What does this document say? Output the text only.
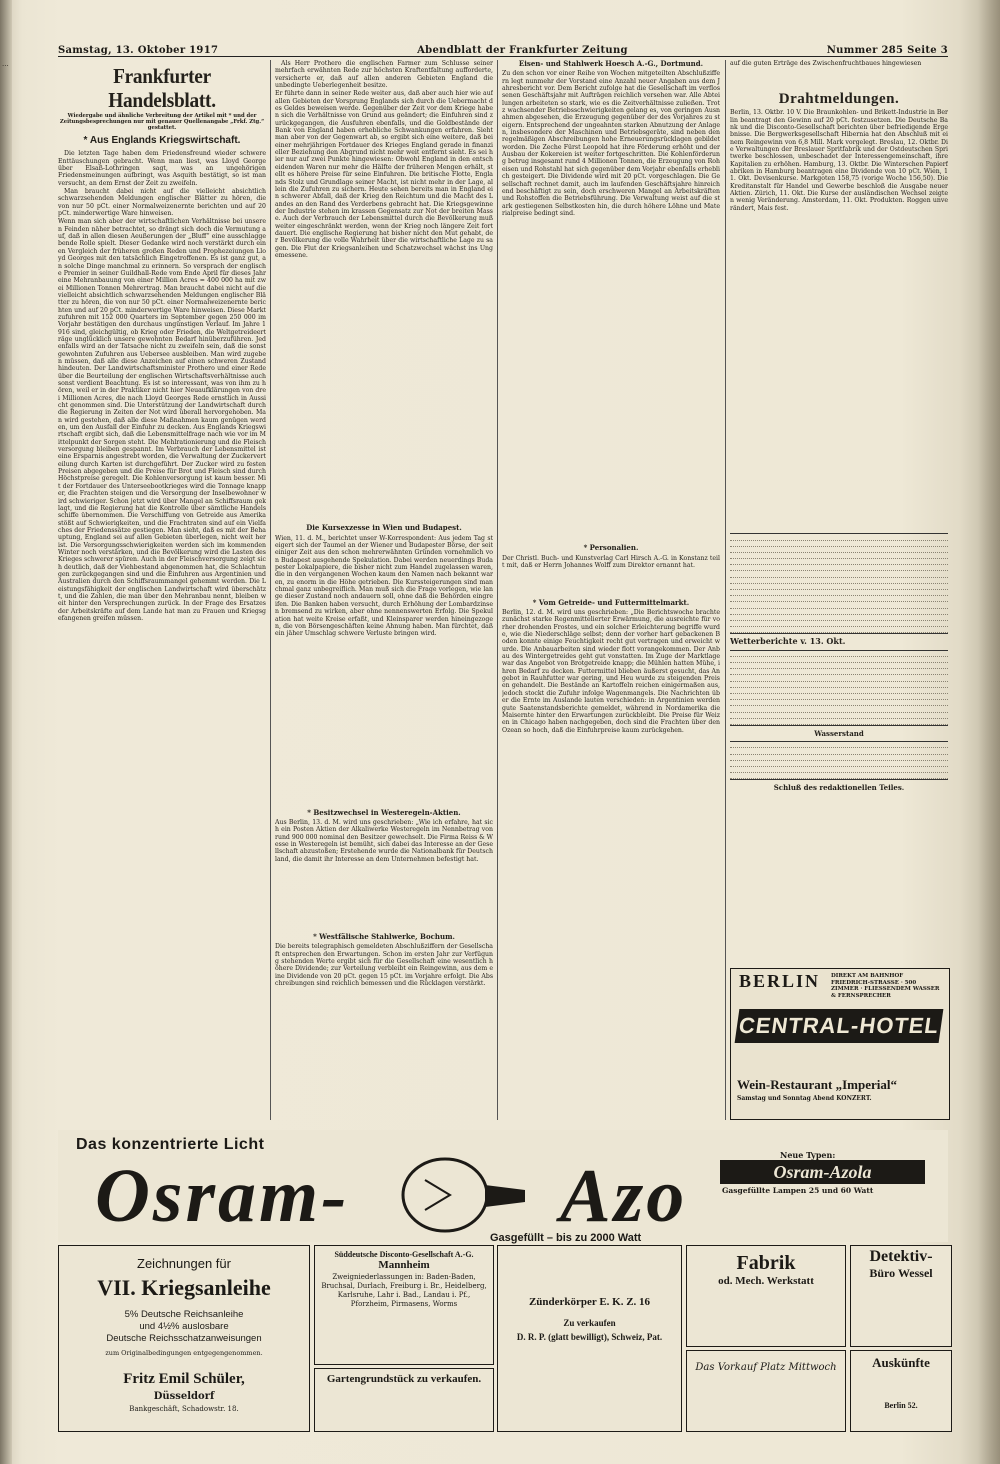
...
Samstag, 13. Oktober 1917	Abendblatt der Frankfurter Zeitung	Nummer 285 Seite 3
Frankfurter Handelsblatt.
Wiedergabe und ähnliche Verbreitung der Artikel mit * und der Zeitungsbesprechungen nur mit genauer Quellenangabe „Frkf. Ztg.“ gestattet.
* Aus Englands Kriegswirtschaft.

Die letzten Tage haben dem Friedensfreund wieder schwere Enttäuschungen gebracht. Wenn man liest, was Lloyd George über Elsaß-Lothringen sagt, was an ungehörigen Friedensmeinungen aufbringt, was Asquith bestätigt, so ist man versucht, an dem Ernst der Zeit zu zweifeln.

Man braucht dabei nicht auf die vielleicht absichtlich schwarzsehenden Meldungen englischer Blätter zu hören, die von nur 50 pCt. einer Normalweizenernte berichten und auf 20 pCt. minderwertige Ware hinweisen.

Wenn man sich aber der wirtschaftlichen Verhältnisse bei unseren Feinden näher betrachtet, so drängt sich doch die Vermutung auf, daß in allen diesen Aeußerungen der „Bluff“ eine ausschlaggebende Rolle spielt. Dieser Gedanke wird noch verstärkt durch einen Vergleich der früheren großen Reden und Prophezeiungen Lloyd Georges mit den tatsächlich Eingetroffenen. Es ist ganz gut, an solche Dinge manchmal zu erinnern. So versprach der englische Premier in seiner Guildhall-Rede vom Ende April für dieses Jahr eine Mehranbauung von einer Million Acres = 400 000 ha mit zwei Millionen Tonnen Mehrertrag. Man braucht dabei nicht auf die vielleicht absichtlich schwarzsehenden Meldungen englischer Blätter zu hören, die von nur 50 pCt. einer Normalweizenernte berichten und auf 20 pCt. minderwertige Ware hinweisen. Diese Marktzufuhren mit 152 000 Quarters im September gegen 250 000 im Vorjahr bestätigen den durchaus ungünstigen Verlauf. Im Jahre 1916 sind, gleichgültig, ob Krieg oder Frieden, die Weltgetreideerträge unglücklich unsere gewohnten Bedarf hinüberzuführen. Jedenfalls wird an der Tatsache nicht zu zweifeln sein, daß die sonst gewohnten Zufuhren aus Uebersee ausbleiben. Man wird zugeben müssen, daß alle diese Anzeichen auf einen schweren Zustand hindeuten. Der Landwirtschaftsminister Prothero und einer Rede über die Beurteilung der englischen Wirtschaftsverhältnisse auch sonst verdient Beachtung. Es ist so interessant, was von ihm zu hören, weil er in der Praktiker nicht hier Neuaufklärungen von drei Millionen Acres, die nach Lloyd Georges Rede ernstlich in Aussicht genommen sind. Die Unterstützung der Landwirtschaft durch die Regierung in Zeiten der Not wird überall hervorgehoben. Man wird gestehen, daß alle diese Maßnahmen kaum genügen werden, um den Ausfall der Einfuhr zu decken. Aus Englands Kriegswirtschaft ergibt sich, daß die Lebensmittelfrage nach wie vor im Mittelpunkt der Sorgen steht. Die Mehlrationierung und die Fleischversorgung bleiben gespannt. Im Verbrauch der Lebensmittel ist eine Ersparnis angestrebt worden, die Verwaltung der Zuckerverteilung durch Karten ist durchgeführt. Der Zucker wird zu festen Preisen abgegeben und die Preise für Brot und Fleisch sind durch Höchstpreise geregelt. Die Kohlenversorgung ist kaum besser. Mit der Fortdauer des Unterseebootkrieges wird die Tonnage knapper, die Frachten steigen und die Versorgung der Inselbewohner wird schwieriger. Schon jetzt wird über Mangel an Schiffsraum geklagt, und die Regierung hat die Kontrolle über sämtliche Handelsschiffe übernommen. Die Verschiffung von Getreide aus Amerika stößt auf Schwierigkeiten, und die Frachtraten sind auf ein Vielfaches der Friedenssätze gestiegen. Man sieht, daß es mit der Behauptung, England sei auf allen Gebieten überlegen, nicht weit her ist. Die Versorgungsschwierigkeiten werden sich im kommenden Winter noch verstärken, und die Bevölkerung wird die Lasten des Krieges schwerer spüren. Auch in der Fleischversorgung zeigt sich deutlich, daß der Viehbestand abgenommen hat, die Schlachtungen zurückgegangen sind und die Einfuhren aus Argentinien und Australien durch den Schiffsraummangel gehemmt werden. Die Leistungsfähigkeit der englischen Landwirtschaft wird überschätzt, und die Zahlen, die man über den Mehranbau nennt, bleiben weit hinter den Versprechungen zurück. In der Frage des Ersatzes der Arbeitskräfte auf dem Lande hat man zu Frauen und Kriegsgefangenen greifen müssen.

Als Herr Prothero die englischen Farmer zum Schlusse seiner mehrfach erwähnten Rede zur höchsten Kraftentfaltung aufforderte, versicherte er, daß auf allen anderen Gebieten England die unbedingte Ueberlegenheit besitze.

Er führte dann in seiner Rede weiter aus, daß aber auch hier wie auf allen Gebieten der Vorsprung Englands sich durch die Uebermacht des Geldes beweisen werde. Gegenüber der Zeit vor dem Kriege haben sich die Verhältnisse von Grund aus geändert; die Einfuhren sind zurückgegangen, die Ausfuhren ebenfalls, und die Goldbestände der Bank von England haben erhebliche Schwankungen erfahren. Sieht man aber von der Gegenwart ab, so ergibt sich eine weitere, daß bei einer mehrjährigen Fortdauer des Krieges England gerade in finanzieller Beziehung den Abgrund nicht mehr weit entfernt sieht. Es sei hier nur auf zwei Punkte hingewiesen: Obwohl England in den entscheidenden Waren nur mehr die Hälfte der früheren Mengen erhält, stellt es höhere Preise für seine Einfuhren. Die britische Flotte, Englands Stolz und Grundlage seiner Macht, ist nicht mehr in der Lage, allein die Zufuhren zu sichern. Heute sehen bereits man in England ein schwerer Abfall, daß der Krieg den Reichtum und die Macht des Landes an den Rand des Verderbens gebracht hat. Die Kriegsgewinne der Industrie stehen im krassen Gegensatz zur Not der breiten Masse. Auch der Verbrauch der Lebensmittel durch die Bevölkerung muß weiter eingeschränkt werden, wenn der Krieg noch längere Zeit fortdauert. Die englische Regierung hat bisher nicht den Mut gehabt, der Bevölkerung die volle Wahrheit über die wirtschaftliche Lage zu sagen. Die Flut der Kriegsanleihen und Schatzwechsel wächst ins Ungemessene.
Die Kursexzesse in Wien und Budapest.
Wien, 11. d. M., berichtet unser W-Korrespondent: Aus jedem Tag steigert sich der Taumel an der Wiener und Budapester Börse, der seit einiger Zeit aus den schon mehrerwähnten Gründen vornehmlich von Budapest ausgehende Spekulation. Dabei werden neuerdings Budapester Lokalpapiere, die bisher nicht zum Handel zugelassen waren, die in den vergangenen Wochen kaum den Namen nach bekannt waren, zu enorm in die Höhe getrieben. Die Kurssteigerungen sind manchmal ganz unbegreiflich. Man muß sich die Frage vorlegen, wie lange dieser Zustand noch andauern soll, ohne daß die Behörden eingreifen. Die Banken haben versucht, durch Erhöhung der Lombardzinsen bremsend zu wirken, aber ohne nennenswerten Erfolg. Die Spekulation hat weite Kreise erfaßt, und Kleinsparer werden hineingezogen, die von Börsengeschäften keine Ahnung haben. Man fürchtet, daß ein jäher Umschlag schwere Verluste bringen wird.
* Besitzwechsel in Westeregeln-Aktien.
Aus Berlin, 13. d. M. wird uns geschrieben: „Wie ich erfahre, hat sich ein Posten Aktien der Alkaliwerke Westeregeln im Nennbetrag von rund 900 000 nominal den Besitzer gewechselt. Die Firma Reiss & Wesse in Westeregeln ist bemüht, sich dabei das Interesse an der Gesellschaft abzustoßen; Erstehende wurde die Nationalbank für Deutschland, die damit ihr Interesse an dem Unternehmen befestigt hat.
* Westfälische Stahlwerke, Bochum.
Die bereits telegraphisch gemeldeten Abschlußziffern der Gesellschaft entsprechen den Erwartungen. Schon im ersten Jahr zur Verfügung stehenden Werte ergibt sich für die Gesellschaft eine wesentlich höhere Dividende; zur Verteilung verbleibt ein Reingewinn, aus dem eine Dividende von 20 pCt. gegen 15 pCt. im Vorjahre erfolgt. Die Abschreibungen sind reichlich bemessen und die Rücklagen verstärkt.
Eisen- und Stahlwerk Hoesch A.-G., Dortmund.
Zu den schon vor einer Reihe von Wochen mitgeteilten Abschlußziffern legt nunmehr der Vorstand eine Anzahl neuer Angaben aus dem Jahresbericht vor. Dem Bericht zufolge hat die Gesellschaft im verflossenen Geschäftsjahr mit Aufträgen reichlich versehen war. Alle Abteilungen arbeiteten so stark, wie es die Zeitverhältnisse zuließen. Trotz wachsender Betriebsschwierigkeiten gelang es, von geringen Ausnahmen abgesehen, die Erzeugung gegenüber der des Vorjahres zu steigern. Entsprechend der ungeahnten starken Abnutzung der Anlagen, insbesondere der Maschinen und Betriebsgeräte, sind neben den regelmäßigen Abschreibungen hohe Erneuerungsrücklagen gebildet worden. Die Zeche Fürst Leopold hat ihre Förderung erhöht und der Ausbau der Kokereien ist weiter fortgeschritten. Die Kohlenförderung betrug insgesamt rund 4 Millionen Tonnen, die Erzeugung von Roheisen und Rohstahl hat sich gegenüber dem Vorjahr ebenfalls erheblich gesteigert. Die Dividende wird mit 20 pCt. vorgeschlagen. Die Gesellschaft rechnet damit, auch im laufenden Geschäftsjahre hinreichend beschäftigt zu sein, doch erschweren Mangel an Arbeitskräften und Rohstoffen die Betriebsführung. Die Verwaltung weist auf die stark gestiegenen Selbstkosten hin, die durch höhere Löhne und Materialpreise bedingt sind.
* Personalien.
Der Christl. Buch- und Kunstverlag Carl Hirsch A.-G. in Konstanz teilt mit, daß er Herrn Johannes Wolff zum Direktor ernannt hat.
* Vom Getreide- und Futtermittelmarkt.
Berlin, 12. d. M. wird uns geschrieben: „Die Berichtswoche brachte zunächst starke Regenmittelierter Erwärmung, die ausreichte für vorher drohenden Frostes, und ein solcher Erleichterung begriffe wurde, wie die Niederschläge selbst; denn der vorher hart gebackenen Boden konnte einige Feuchtigkeit recht gut vertragen und erweicht wurde. Die Anbauarbeiten sind wieder flott vorangekommen. Der Anbau des Wintergetreides geht gut vonstatten. Im Zuge der Marktlage war das Angebot von Brotgetreide knapp; die Mühlen hatten Mühe, ihren Bedarf zu decken. Futtermittel blieben äußerst gesucht, das Angebot in Rauhfutter war gering, und Heu wurde zu steigenden Preisen gehandelt. Die Bestände an Kartoffeln reichen einigermaßen aus, jedoch stockt die Zufuhr infolge Wagenmangels. Die Nachrichten über die Ernte im Auslande lauten verschieden: in Argentinien werden gute Saatenstandsberichte gemeldet, während in Nordamerika die Maisernte hinter den Erwartungen zurückbleibt. Die Preise für Weizen in Chicago haben nachgegeben, doch sind die Frachten über den Ozean so hoch, daß die Einfuhrpreise kaum zurückgehen.
auf die guten Erträge des Zwischenfruchtbaues hingewiesen
Drahtmeldungen.
Berlin, 13. Oktbr. 10 V. Die Braunkohlen- und Brikett-Industrie in Berlin beantragt den Gewinn auf 20 pCt. festzusetzen. Die Deutsche Bank und die Disconto-Gesellschaft berichten über befriedigende Ergebnisse. Die Bergwerksgesellschaft Hibernia hat den Abschluß mit einem Reingewinn von 6,8 Mill. Mark vorgelegt. Breslau, 12. Oktbr. Die Verwaltungen der Breslauer Spritfabrik und der Ostdeutschen Spritwerke beschlossen, unbeschadet der Interessengemeinschaft, ihre Kapitalien zu erhöhen. Hamburg, 13. Oktbr. Die Winterschen Papierfabriken in Hamburg beantragen eine Dividende von 10 pCt. Wien, 11. Okt. Devisenkurse. Markgoten 158,75 (vorige Woche 156,50). Die Kreditanstalt für Handel und Gewerbe beschloß die Ausgabe neuer Aktien. Zürich, 11. Okt. Die Kurse der ausländischen Wechsel zeigten wenig Veränderung. Amsterdam, 11. Okt. Produkten. Roggen unverändert, Mais fest.
Wetterberichte v. 13. Okt.
Wasserstand
Schluß des redaktionellen Teiles.
BERLIN DIREKT AM BAHNHOF FRIEDRICH-STRASSE · 500 ZIMMER · FLIESSENDEM WASSER & FERNSPRECHER
CENTRAL-HOTEL
Wein-Restaurant „Imperial“
Samstag und Sonntag Abend KONZERT.
Das konzentrierte Licht
Osram-	Azo
Gasgefüllt – bis zu 2000 Watt
Neue Typen:
Osram-Azola
Gasgefüllte Lampen 25 und 60 Watt
Zeichnungen für
VII. Kriegsanleihe
5% Deutsche Reichsanleihe
und 4½% auslosbare
Deutsche Reichsschatzanweisungen
zum Originalbedingungen entgegengenommen.
Fritz Emil Schüler,
Düsseldorf
Bankgeschäft, Schadowstr. 18.
Süddeutsche Disconto-Gesellschaft A.-G.
Mannheim
Zweigniederlassungen in: Baden-Baden, Bruchsal, Durlach, Freiburg i. Br., Heidelberg, Karlsruhe, Lahr i. Bad., Landau i. Pf., Pforzheim, Pirmasens, Worms
Gartengrundstück zu verkaufen.
Zünderkörper E. K. Z. 16
Zu verkaufen
D. R. P. (glatt bewilligt), Schweiz, Pat.
Fabrik
od. Mech. Werkstatt
Das Vorkauf Platz Mittwoch
Detektiv-
Büro Wessel
Auskünfte
Berlin 52.
